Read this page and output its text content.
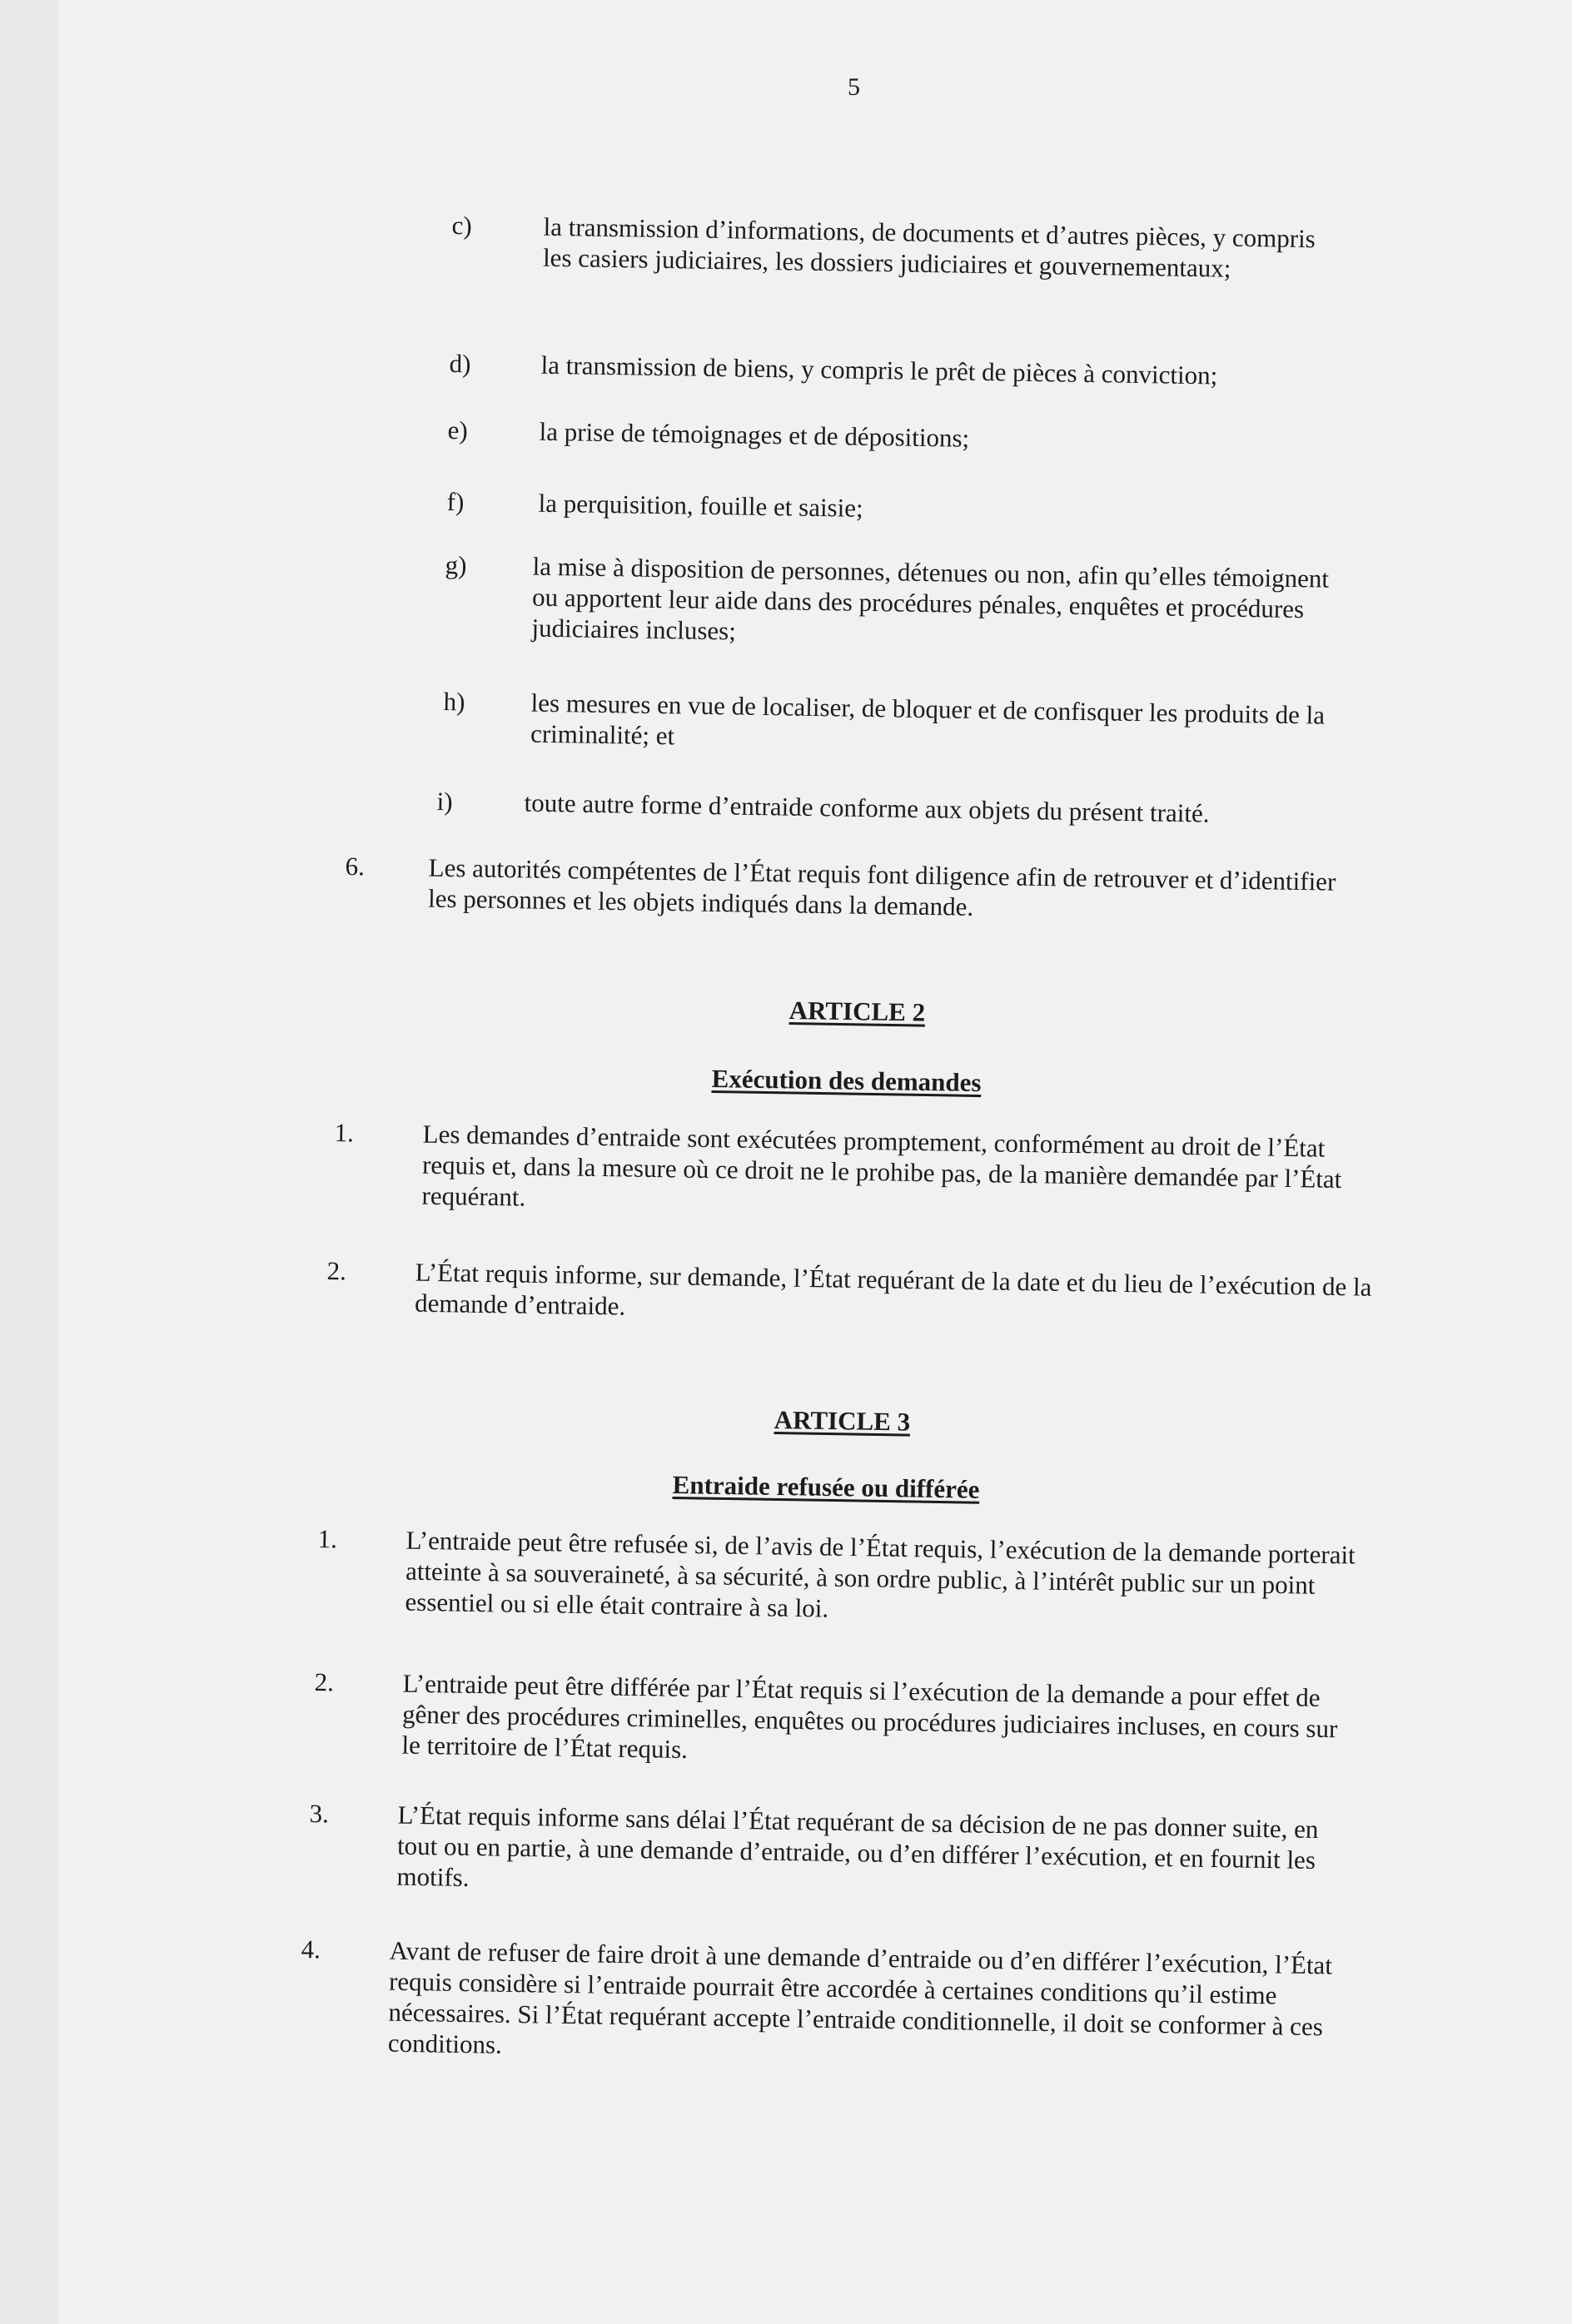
5
c)	la transmission d’informations, de documents et d’autres pièces, y compris les casiers judiciaires, les dossiers judiciaires et gouvernementaux;
d)	la transmission de biens, y compris le prêt de pièces à conviction;
e)	la prise de témoignages et de dépositions;
f)	la perquisition, fouille et saisie;
g)	la mise à disposition de personnes, détenues ou non, afin qu’elles témoignent ou apportent leur aide dans des procédures pénales, enquêtes et procédures judiciaires incluses;
h)	les mesures en vue de localiser, de bloquer et de confisquer les produits de la criminalité; et
i)	toute autre forme d’entraide conforme aux objets du présent traité.
6. Les autorités compétentes de l’État requis font diligence afin de retrouver et d’identifier les personnes et les objets indiqués dans la demande.
ARTICLE 2
Exécution des demandes
1.	Les demandes d’entraide sont exécutées promptement, conformément au droit de l’État requis et, dans la mesure où ce droit ne le prohibe pas, de la manière demandée par l’État requérant.
2.	L’État requis informe, sur demande, l’État requérant de la date et du lieu de l’exécution de la demande d’entraide.
ARTICLE 3
Entraide refusée ou différée
1.	L’entraide peut être refusée si, de l’avis de l’État requis, l’exécution de la demande porterait atteinte à sa souveraineté, à sa sécurité, à son ordre public, à l’intérêt public sur un point essentiel ou si elle était contraire à sa loi.
2.	L’entraide peut être différée par l’État requis si l’exécution de la demande a pour effet de gêner des procédures criminelles, enquêtes ou procédures judiciaires incluses, en cours sur le territoire de l’État requis.
3.	L’État requis informe sans délai l’État requérant de sa décision de ne pas donner suite, en tout ou en partie, à une demande d’entraide, ou d’en différer l’exécution, et en fournit les motifs.
4.	Avant de refuser de faire droit à une demande d’entraide ou d’en différer l’exécution, l’État requis considère si l’entraide pourrait être accordée à certaines conditions qu’il estime nécessaires. Si l’État requérant accepte l’entraide conditionnelle, il doit se conformer à ces conditions.
